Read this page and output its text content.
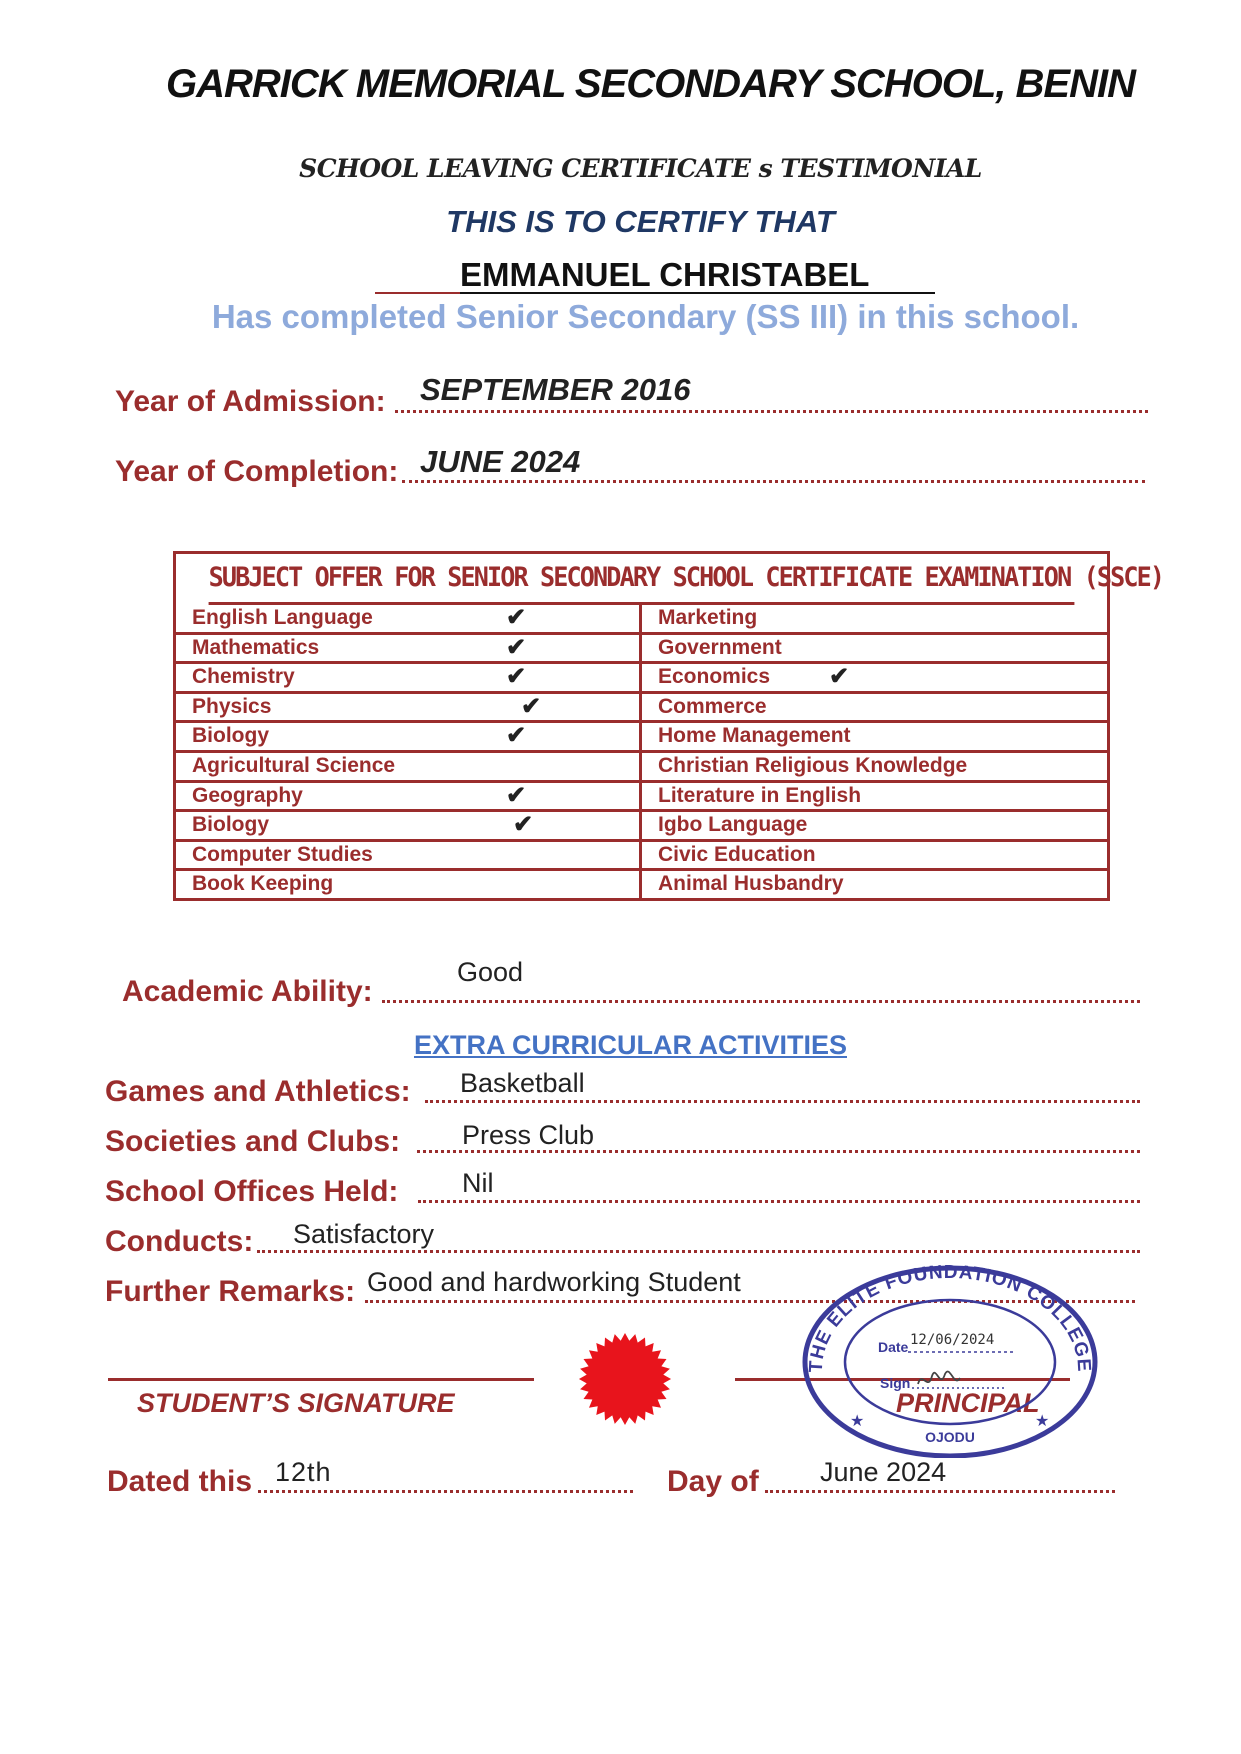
GARRICK MEMORIAL SECONDARY SCHOOL, BENIN
SCHOOL LEAVING CERTIFICATE s TESTIMONIAL
THIS IS TO CERTIFY THAT
EMMANUEL CHRISTABEL
Has completed Senior Secondary (SS III) in this school.
Year of Admission: SEPTEMBER 2016
Year of Completion: JUNE 2024
SUBJECT OFFER FOR SENIOR SECONDARY SCHOOL CERTIFICATE EXAMINATION (SSCE)
English Language	✔	Marketing
Mathematics	✔	Government
Chemistry	✔	Economics ✔
Physics	✔	Commerce
Biology	✔	Home Management
Agricultural Science	Christian Religious Knowledge
Geography	✔	Literature in English
Biology	✔	Igbo Language
Computer Studies	Civic Education
Book Keeping	Animal Husbandry
Academic Ability:
Good
EXTRA CURRICULAR ACTIVITIES
Games and Athletics: Basketball
Societies and Clubs: Press Club
School Offices Held: Nil
Conducts: Satisfactory
Further Remarks: Good and hardworking Student
STUDENT’S SIGNATURE	PRINCIPAL
THE ELITE FOUNDATION COLLEGE
OJODU
★	★
Date 12/06/2024
Sign
Dated this 12th	Day of June 2024
